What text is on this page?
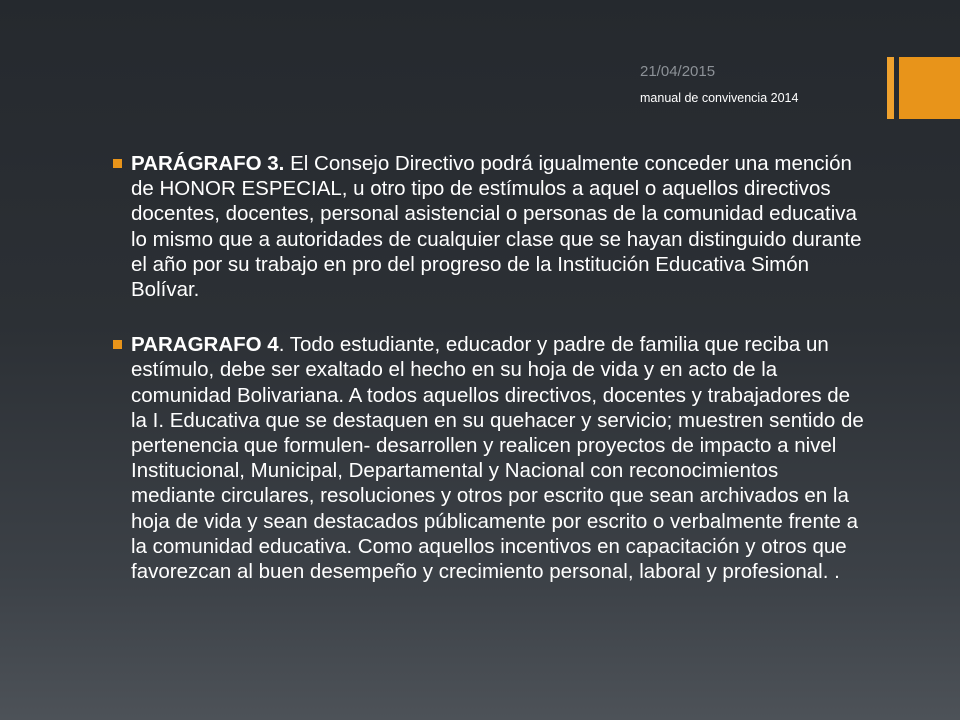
21/04/2015
manual de convivencia 2014
PARÁGRAFO 3. El Consejo Directivo podrá igualmente conceder una mención de HONOR ESPECIAL, u otro tipo de estímulos a aquel o aquellos directivos docentes, docentes, personal asistencial o personas de la comunidad educativa lo mismo que a autoridades de cualquier clase que se hayan distinguido durante el año por su trabajo en pro del progreso de la Institución Educativa Simón Bolívar.
PARAGRAFO 4. Todo estudiante, educador y padre de familia que reciba un estímulo, debe ser exaltado el hecho en su hoja de vida y en acto de la comunidad Bolivariana. A todos aquellos directivos, docentes y trabajadores de la I. Educativa que se destaquen en su quehacer y servicio; muestren sentido de pertenencia que formulen- desarrollen y realicen proyectos de impacto a nivel Institucional, Municipal, Departamental y Nacional con reconocimientos mediante circulares, resoluciones y otros por escrito que sean archivados en la hoja de vida y sean destacados públicamente por escrito o verbalmente frente a la comunidad educativa. Como aquellos incentivos en capacitación y otros que favorezcan al buen desempeño y crecimiento personal, laboral y profesional. .
